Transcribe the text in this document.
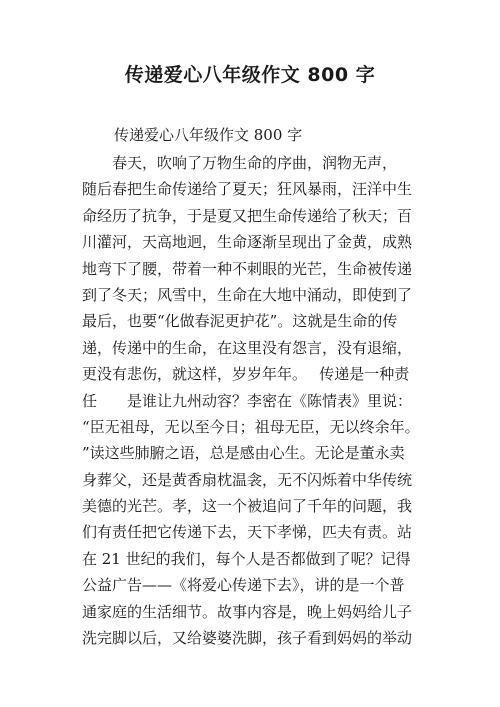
传递爱心八年级作文 800 字
传递爱心八年级作文 800 字
　　春天，吹响了万物生命的序曲，润物无声，
随后春把生命传递给了夏天；狂风暴雨，汪洋中生
命经历了抗争，于是夏又把生命传递给了秋天；百
川灌河，天高地迥，生命逐渐呈现出了金黄，成熟
地弯下了腰，带着一种不刺眼的光芒，生命被传递
到了冬天；风雪中，生命在大地中涌动，即使到了
最后，也要“化做春泥更护花”。这就是生命的传
递，传递中的生命，在这里没有怨言，没有退缩，
更没有悲伤，就这样，岁岁年年。　 传递是一种责
任　　是谁让九州动容？李密在《陈情表》里说：
“臣无祖母，无以至今日；祖母无臣，无以终余年。
”读这些肺腑之语，总是感由心生。无论是董永卖
身葬父，还是黄香扇枕温衾，无不闪烁着中华传统
美德的光芒。孝，这一个被追问了千年的问题，我
们有责任把它传递下去，天下孝悌，匹夫有责。站
在 21 世纪的我们，每个人是否都做到了呢？记得
公益广告——《将爱心传递下去》，讲的是一个普
通家庭的生活细节。故事内容是，晚上妈妈给儿子
洗完脚以后，又给婆婆洗脚，孩子看到妈妈的举动
